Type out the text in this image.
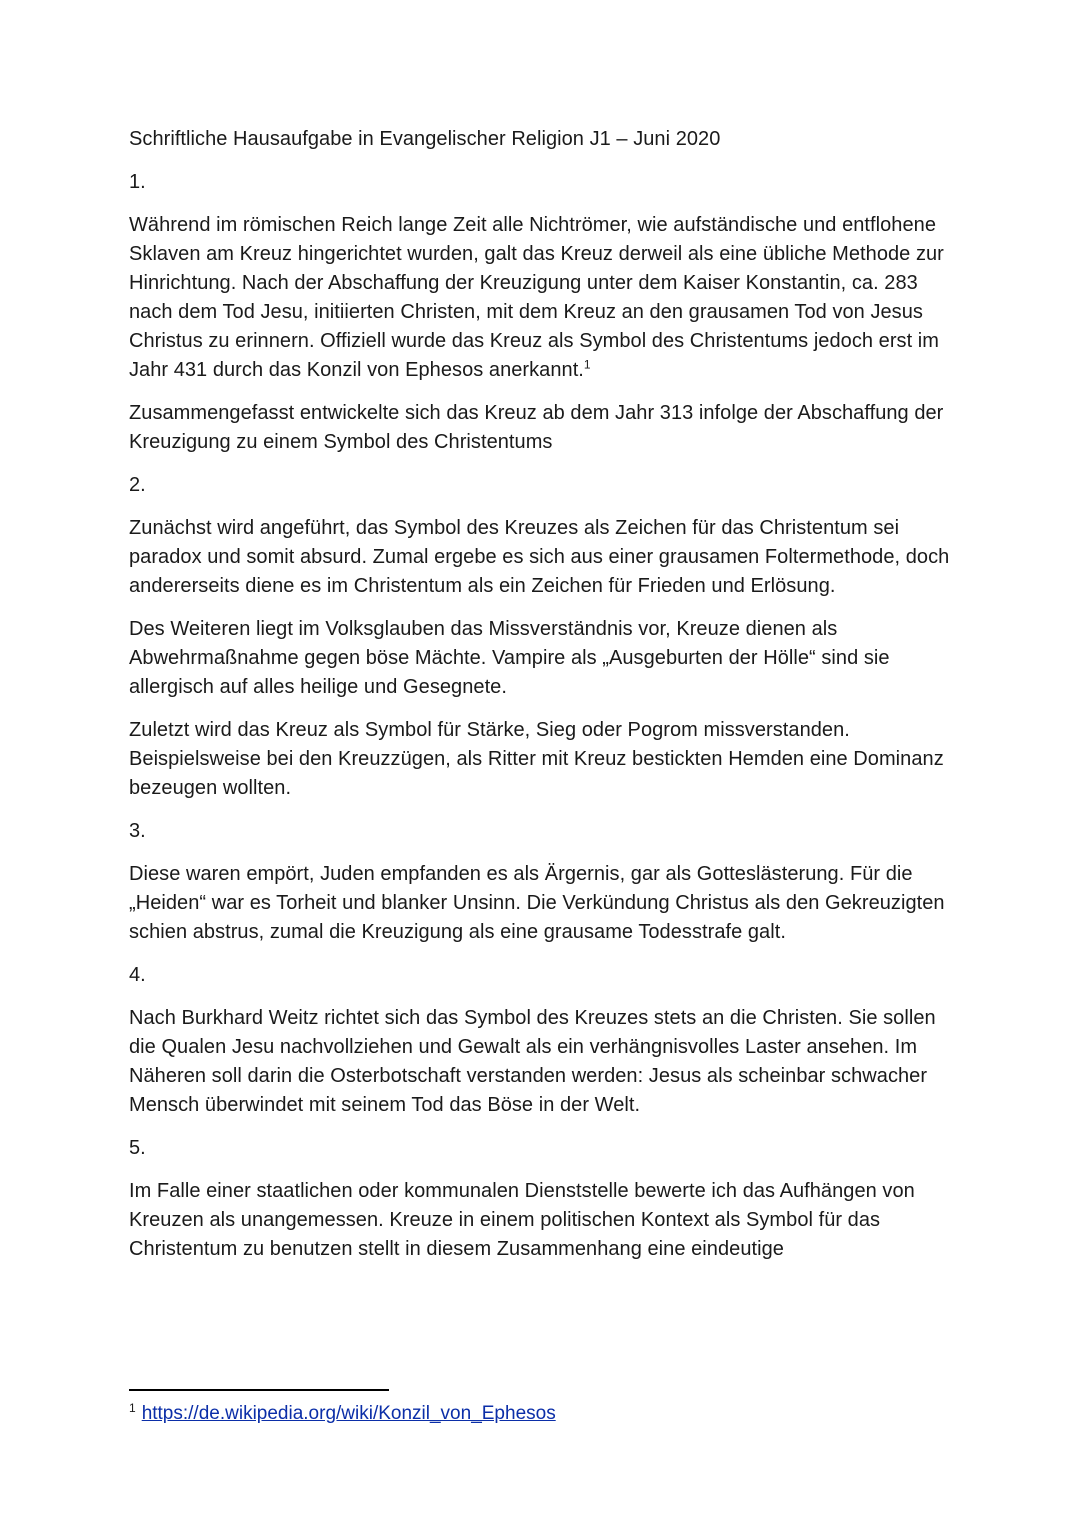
Schriftliche Hausaufgabe in Evangelischer Religion J1 – Juni 2020

1.

Während im römischen Reich lange Zeit alle Nichtrömer, wie aufständische und entflohene Sklaven am Kreuz hingerichtet wurden, galt das Kreuz derweil als eine übliche Methode zur Hinrichtung. Nach der Abschaffung der Kreuzigung unter dem Kaiser Konstantin, ca. 283 nach dem Tod Jesu, initiierten Christen, mit dem Kreuz an den grausamen Tod von Jesus Christus zu erinnern. Offiziell wurde das Kreuz als Symbol des Christentums jedoch erst im Jahr 431 durch das Konzil von Ephesos anerkannt.$^1$

Zusammengefasst entwickelte sich das Kreuz ab dem Jahr 313 infolge der Abschaffung der Kreuzigung zu einem Symbol des Christentums

2.

Zunächst wird angeführt, das Symbol des Kreuzes als Zeichen für das Christentum sei paradox und somit absurd. Zumal ergebe es sich aus einer grausamen Foltermethode, doch andererseits diene es im Christentum als ein Zeichen für Frieden und Erlösung.

Des Weiteren liegt im Volksglauben das Missverständnis vor, Kreuze dienen als Abwehrmaßnahme gegen böse Mächte. Vampire als „Ausgeburten der Hölle“ sind sie allergisch auf alles heilige und Gesegnete.

Zuletzt wird das Kreuz als Symbol für Stärke, Sieg oder Pogrom missverstanden. Beispielsweise bei den Kreuzzügen, als Ritter mit Kreuz bestickten Hemden eine Dominanz bezeugen wollten.

3.

Diese waren empört, Juden empfanden es als Ärgernis, gar als Gotteslästerung. Für die „Heiden“ war es Torheit und blanker Unsinn. Die Verkündung Christus als den Gekreuzigten schien abstrus, zumal die Kreuzigung als eine grausame Todesstrafe galt.

4.

Nach Burkhard Weitz richtet sich das Symbol des Kreuzes stets an die Christen. Sie sollen die Qualen Jesu nachvollziehen und Gewalt als ein verhängnisvolles Laster ansehen. Im Näheren soll darin die Osterbotschaft verstanden werden: Jesus als scheinbar schwacher Mensch überwindet mit seinem Tod das Böse in der Welt.

5.

Im Falle einer staatlichen oder kommunalen Dienststelle bewerte ich das Aufhängen von Kreuzen als unangemessen. Kreuze in einem politischen Kontext als Symbol für das Christentum zu benutzen stellt in diesem Zusammenhang eine eindeutige

$^1$ https://de.wikipedia.org/wiki/Konzil_von_Ephesos
